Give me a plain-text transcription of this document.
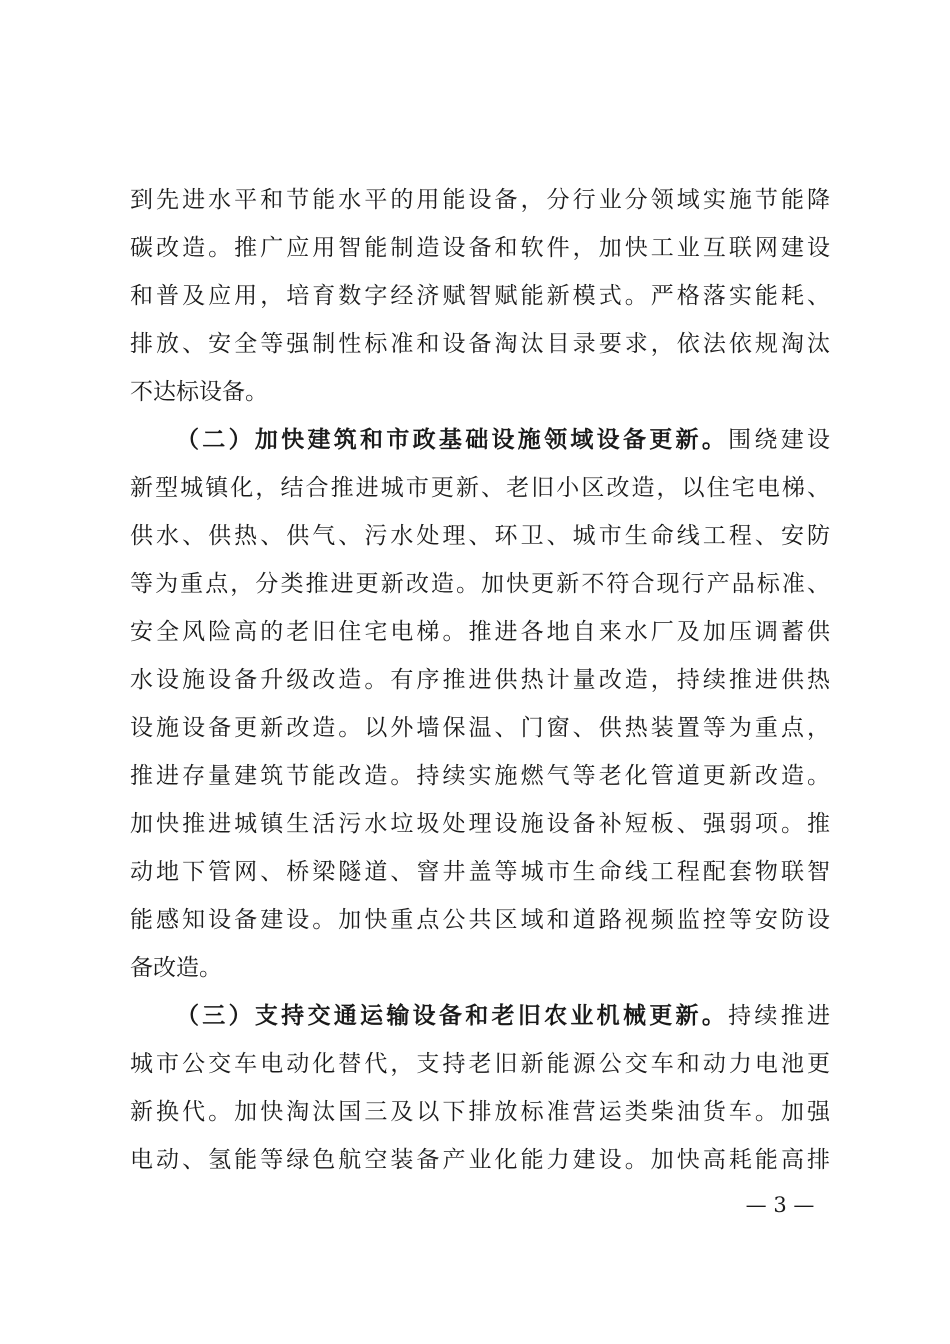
到先进水平和节能水平的用能设备，分行业分领域实施节能降
碳改造。推广应用智能制造设备和软件，加快工业互联网建设
和普及应用，培育数字经济赋智赋能新模式。严格落实能耗、
排放、安全等强制性标准和设备淘汰目录要求，依法依规淘汰
不达标设备。
（二）加快建筑和市政基础设施领域设备更新。围绕建设
新型城镇化，结合推进城市更新、老旧小区改造，以住宅电梯、
供水、供热、供气、污水处理、环卫、城市生命线工程、安防
等为重点，分类推进更新改造。加快更新不符合现行产品标准、
安全风险高的老旧住宅电梯。推进各地自来水厂及加压调蓄供
水设施设备升级改造。有序推进供热计量改造，持续推进供热
设施设备更新改造。以外墙保温、门窗、供热装置等为重点，
推进存量建筑节能改造。持续实施燃气等老化管道更新改造。
加快推进城镇生活污水垃圾处理设施设备补短板、强弱项。推
动地下管网、桥梁隧道、窨井盖等城市生命线工程配套物联智
能感知设备建设。加快重点公共区域和道路视频监控等安防设
备改造。
（三）支持交通运输设备和老旧农业机械更新。持续推进
城市公交车电动化替代，支持老旧新能源公交车和动力电池更
新换代。加快淘汰国三及以下排放标准营运类柴油货车。加强
电动、氢能等绿色航空装备产业化能力建设。加快高耗能高排
— 3 —
